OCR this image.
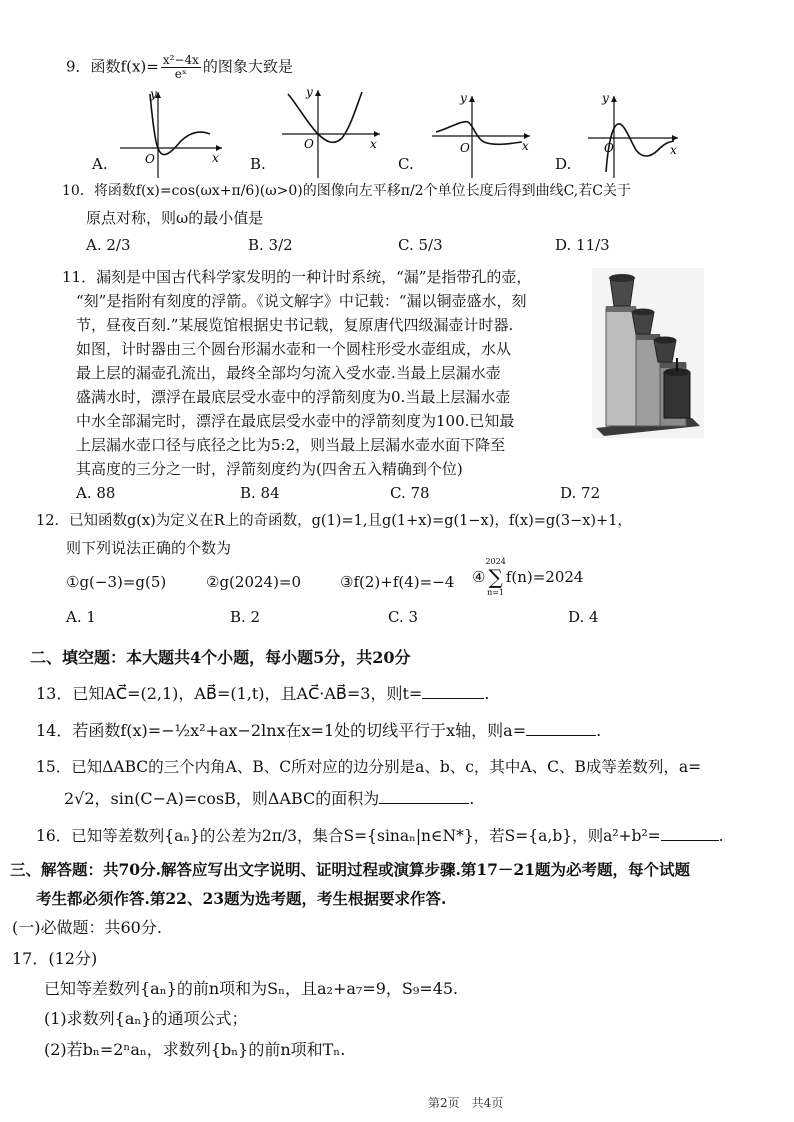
9．函数$f(x)= \frac{\text{x²−4x}}{\text{eˣ}}$ 的图象大致是
y
O	x
y
O	x
y
O	x
y
O	x
A.	B.	C.	D.
10．将函数f(x)=cos(ωx+π/6)(ω>0)的图像向左平移π/2个单位长度后得到曲线C,若C关于
原点对称，则ω的最小值是
A. 2/3	B. 3/2	C. 5/3	D. 11/3
11．漏刻是中国古代科学家发明的一种计时系统，“漏”是指带孔的壶，
“刻”是指附有刻度的浮箭。《说文解字》中记载：“漏以铜壶盛水，刻
节，昼夜百刻.”某展览馆根据史书记载，复原唐代四级漏壶计时器.
如图，计时器由三个圆台形漏水壶和一个圆柱形受水壶组成，水从
最上层的漏壶孔流出，最终全部均匀流入受水壶.当最上层漏水壶
盛满水时，漂浮在最底层受水壶中的浮箭刻度为0.当最上层漏水壶
中水全部漏完时，漂浮在最底层受水壶中的浮箭刻度为100.已知最
上层漏水壶口径与底径之比为5:2，则当最上层漏水壶水面下降至
其高度的三分之一时，浮箭刻度约为(四舍五入精确到个位)
A. 88	B. 84	C. 78	D. 72
12．已知函数g(x)为定义在R上的奇函数，g(1)=1,且g(1+x)=g(1−x)，f(x)=g(3−x)+1，
则下列说法正确的个数为
①g(−3)=g(5)	②g(2024)=0	③f(2)+f(4)=−4 ④
2024
∑
n=1
f(n)=2024
A. 1	B. 2	C. 3	D. 4
二、填空题：本大题共4个小题，每小题5分，共20分
13．已知AC⃗=(2,1)，AB⃗=(1,t)，且AC⃗·AB⃗=3，则t=	.
14．若函数f(x)=−½x²+ax−2lnx在x=1处的切线平行于x轴，则a=	.
15．已知ΔABC的三个内角A、B、C所对应的边分别是a、b、c，其中A、C、B成等差数列，a=
2√2，sin(C−A)=cosB，则ΔABC的面积为	.
16．已知等差数列{aₙ}的公差为2π/3，集合S={sinaₙ|n∈N*}，若S={a,b}，则a²+b²=	.
三、解答题：共70分.解答应写出文字说明、证明过程或演算步骤.第17－21题为必考题，每个试题
考生都必须作答.第22、23题为选考题，考生根据要求作答.
(一)必做题：共60分.
17．(12分)
已知等差数列{aₙ}的前n项和为Sₙ，且a₂+a₇=9，S₉=45.
(1)求数列{aₙ}的通项公式；
(2)若bₙ=2ⁿaₙ，求数列{bₙ}的前n项和Tₙ.
第2页　共4页
